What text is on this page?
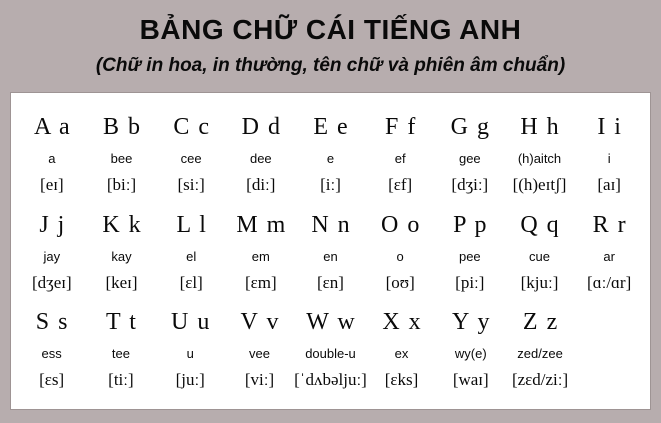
BẢNG CHỮ CÁI TIẾNG ANH
(Chữ in hoa, in thường, tên chữ và phiên âm chuẩn)
A a
a
[eɪ]
B b
bee
[biː]
C c
cee
[siː]
D d
dee
[diː]
E e
e
[iː]
F f
ef
[ɛf]
G g
gee
[dʒiː]
H h
(h)aitch
[(h)eɪtʃ]
I i
i
[aɪ]
J j
jay
[dʒeɪ]
K k
kay
[keɪ]
L l
el
[ɛl]
M m
em
[ɛm]
N n
en
[ɛn]
O o
o
[oʊ]
P p
pee
[piː]
Q q
cue
[kjuː]
R r
ar
[ɑː/ɑr]
S s
ess
[ɛs]
T t
tee
[tiː]
U u
u
[juː]
V v
vee
[viː]
W w
double-u
[ˈdʌbəljuː]
X x
ex
[ɛks]
Y y
wy(e)
[waɪ]
Z z
zed/zee
[zɛd/ziː]
